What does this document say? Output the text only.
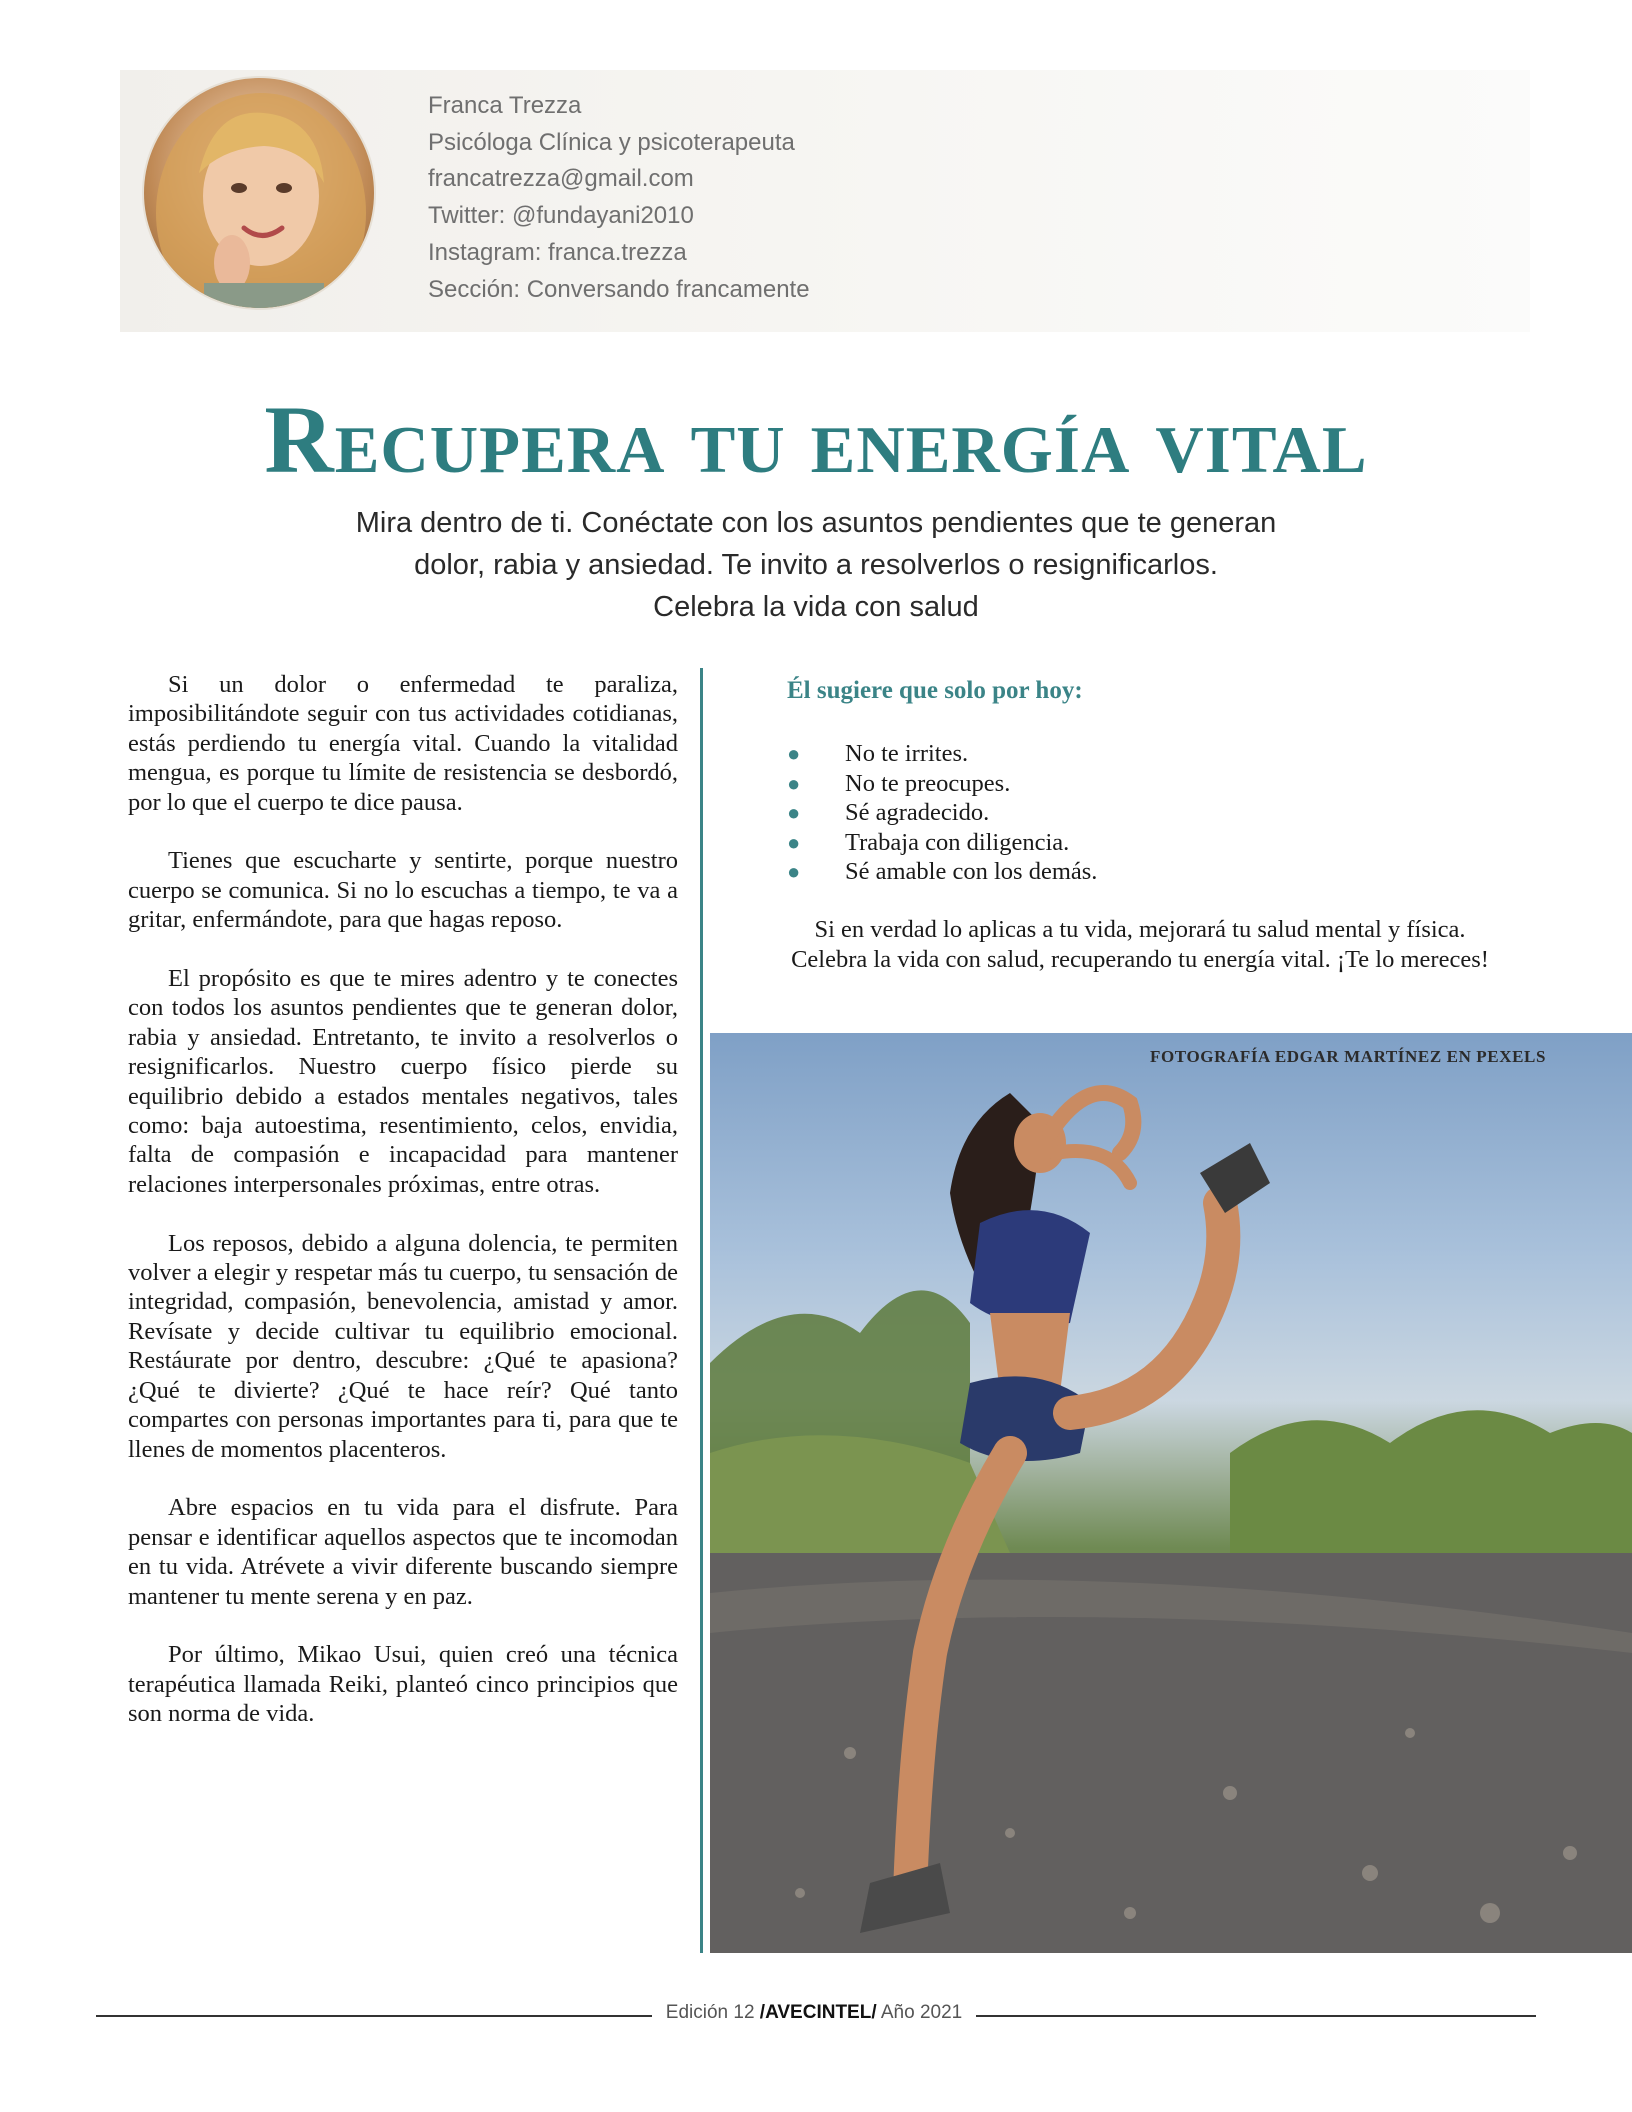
Franca Trezza
Psicóloga Clínica y psicoterapeuta
francatrezza@gmail.com
Twitter: @fundayani2010
Instagram: franca.trezza
Sección: Conversando francamente
Recupera tu energía vital
Mira dentro de ti. Conéctate con los asuntos pendientes que te generan
dolor, rabia y ansiedad. Te invito a resolverlos o resignificarlos.
Celebra la vida con salud

Si un dolor o enfermedad te paraliza, imposibilitándote seguir con tus actividades cotidianas, estás perdiendo tu energía vital. Cuando la vitalidad mengua, es porque tu límite de resistencia se desbordó, por lo que el cuerpo te dice pausa.

Tienes que escucharte y sentirte, porque nuestro cuerpo se comunica. Si no lo escuchas a tiempo, te va a gritar, enfermándote, para que hagas reposo.

El propósito es que te mires adentro y te conectes con todos los asuntos pendientes que te generan dolor, rabia y ansiedad. Entretanto, te invito a resolverlos o resignificarlos. Nuestro cuerpo físico pierde su equilibrio debido a estados mentales negativos, tales como: baja autoestima, resentimiento, celos, envidia, falta de compasión e incapacidad para mantener relaciones interpersonales próximas, entre otras.

Los reposos, debido a alguna dolencia, te permiten volver a elegir y respetar más tu cuerpo, tu sensación de integridad, compasión, benevolencia, amistad y amor. Revísate y decide cultivar tu equilibrio emocional. Restáurate por dentro, descubre: ¿Qué te apasiona? ¿Qué te divierte? ¿Qué te hace reír? Qué tanto compartes con personas importantes para ti, para que te llenes de momentos placenteros.

Abre espacios en tu vida para el disfrute. Para pensar e identificar aquellos aspectos que te incomodan en tu vida. Atrévete a vivir diferente buscando siempre mantener tu mente serena y en paz.

Por último, Mikao Usui, quien creó una técnica terapéutica llamada Reiki, planteó cinco principios que son norma de vida.

Él sugiere que solo por hoy:
● No te irrites.
● No te preocupes.
● Sé agradecido.
● Trabaja con diligencia.
● Sé amable con los demás.
Si en verdad lo aplicas a tu vida, mejorará tu salud mental y física.
Celebra la vida con salud, recuperando tu energía vital. ¡Te lo mereces!
FOTOGRAFÍA EDGAR MARTÍNEZ EN PEXELS
Edición 12 /AVECINTEL/ Año 2021
